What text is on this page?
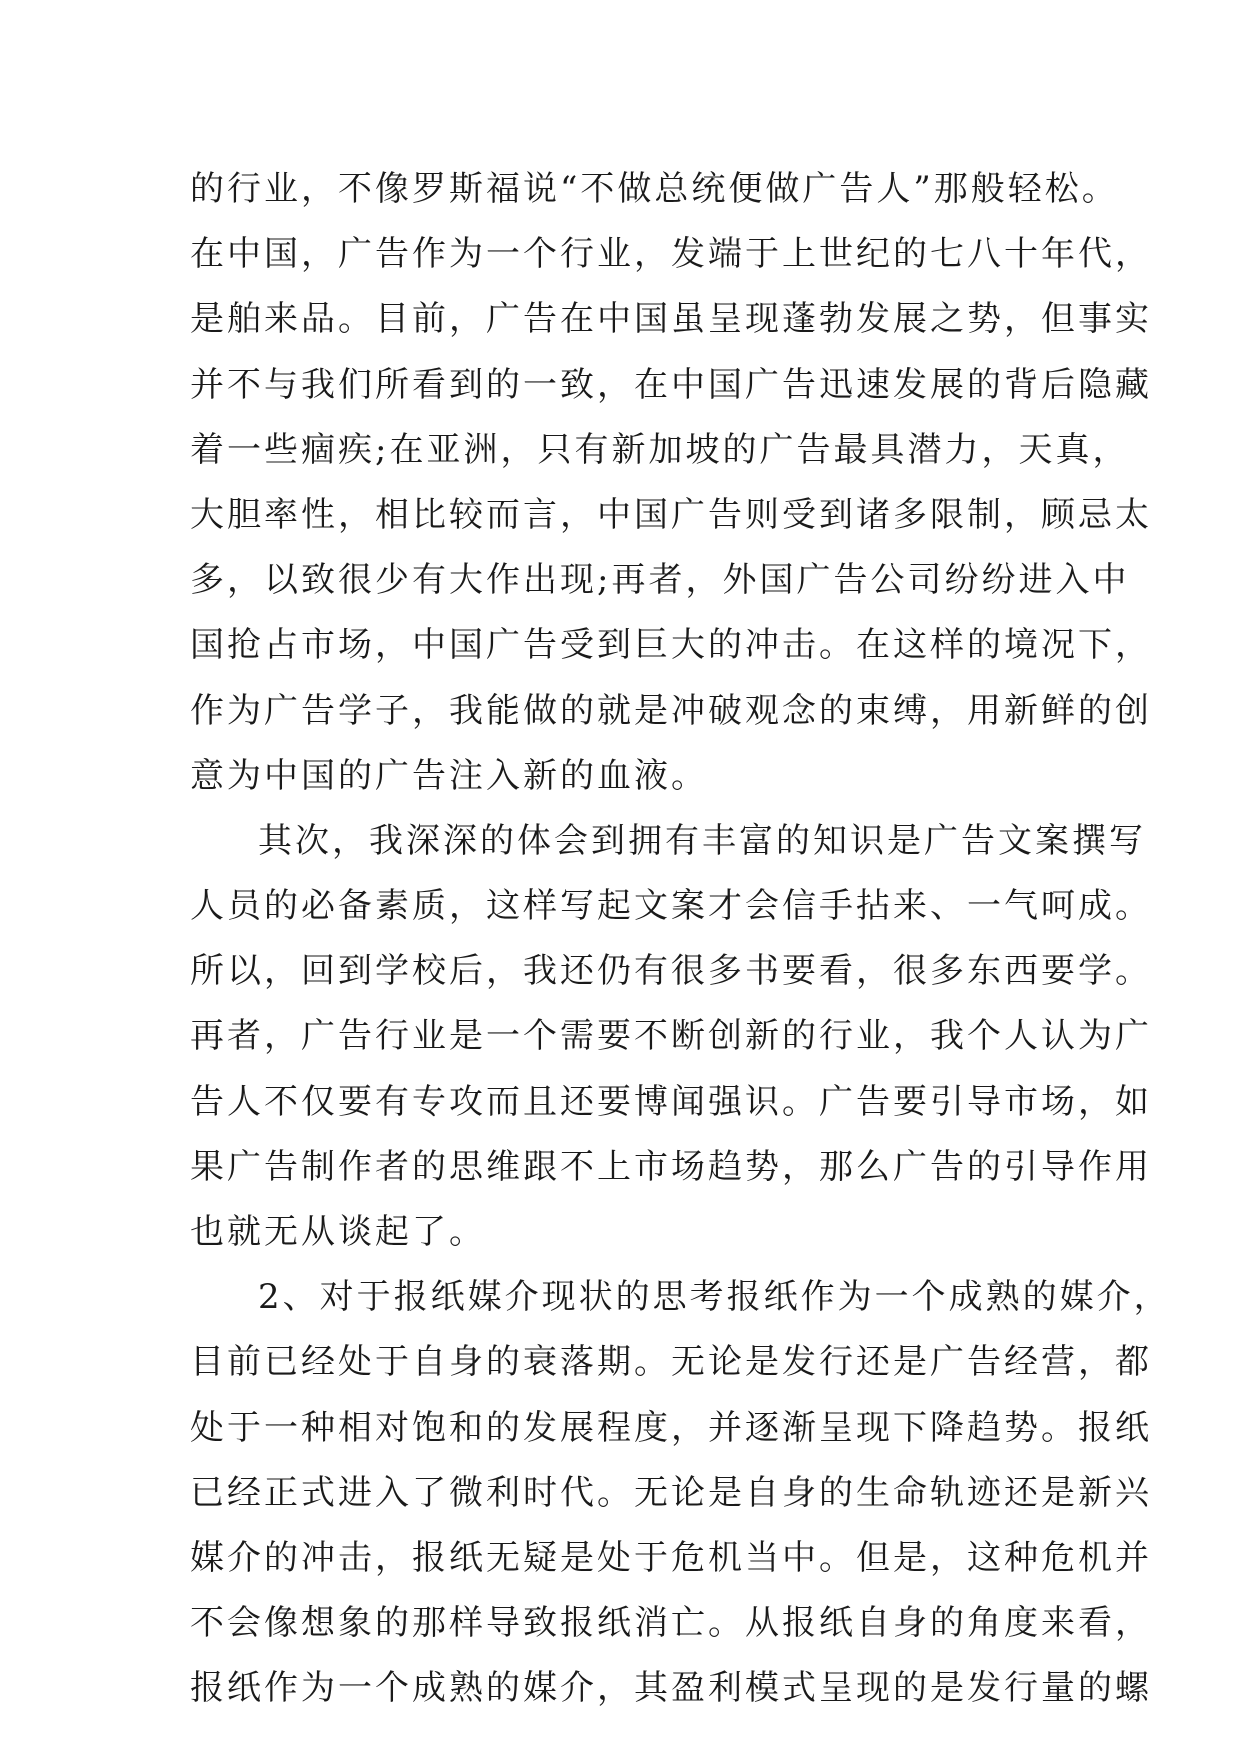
的行业，不像罗斯福说“不做总统便做广告人”那般轻松。
在中国，广告作为一个行业，发端于上世纪的七八十年代，
是舶来品。目前，广告在中国虽呈现蓬勃发展之势，但事实
并不与我们所看到的一致，在中国广告迅速发展的背后隐藏
着一些痼疾;在亚洲，只有新加坡的广告最具潜力，天真，
大胆率性，相比较而言，中国广告则受到诸多限制，顾忌太
多，以致很少有大作出现;再者，外国广告公司纷纷进入中
国抢占市场，中国广告受到巨大的冲击。在这样的境况下，
作为广告学子，我能做的就是冲破观念的束缚，用新鲜的创
意为中国的广告注入新的血液。
其次，我深深的体会到拥有丰富的知识是广告文案撰写
人员的必备素质，这样写起文案才会信手拈来、一气呵成。
所以，回到学校后，我还仍有很多书要看，很多东西要学。
再者，广告行业是一个需要不断创新的行业，我个人认为广
告人不仅要有专攻而且还要博闻强识。广告要引导市场，如
果广告制作者的思维跟不上市场趋势，那么广告的引导作用
也就无从谈起了。
2、对于报纸媒介现状的思考报纸作为一个成熟的媒介，
目前已经处于自身的衰落期。无论是发行还是广告经营，都
处于一种相对饱和的发展程度，并逐渐呈现下降趋势。报纸
已经正式进入了微利时代。无论是自身的生命轨迹还是新兴
媒介的冲击，报纸无疑是处于危机当中。但是，这种危机并
不会像想象的那样导致报纸消亡。从报纸自身的角度来看，
报纸作为一个成熟的媒介，其盈利模式呈现的是发行量的螺
